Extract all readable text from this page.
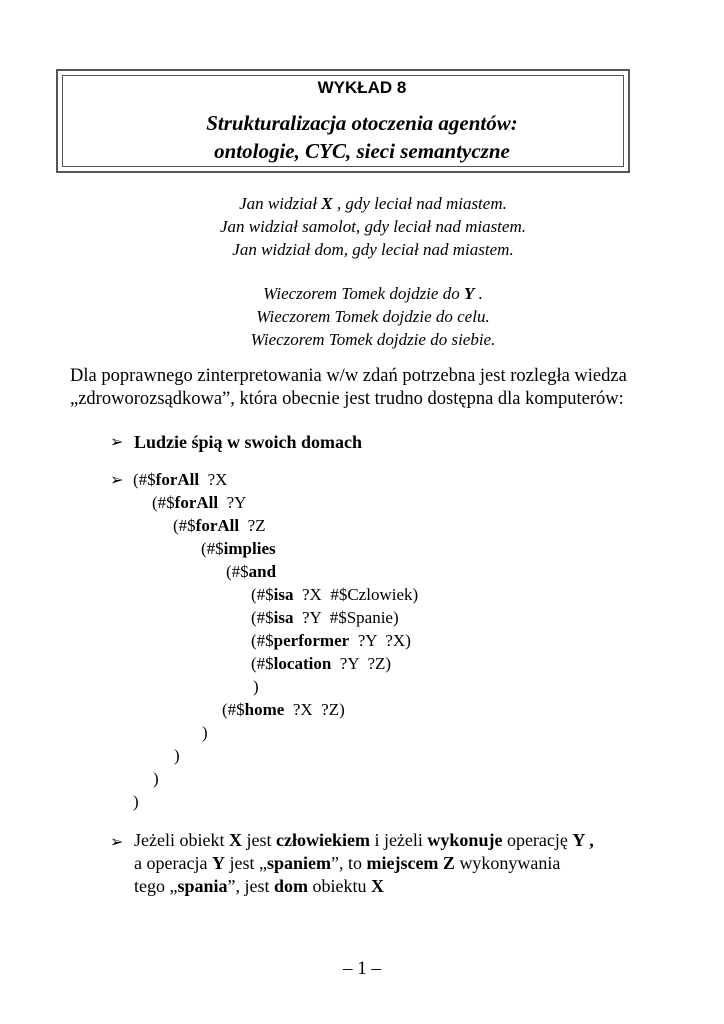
WYKŁAD 8
Strukturalizacja otoczenia agentów:
ontologie, CYC, sieci semantyczne
Jan widział X , gdy leciał nad miastem.
Jan widział samolot, gdy leciał nad miastem.
Jan widział dom, gdy leciał nad miastem.
Wieczorem Tomek dojdzie do Y .
Wieczorem Tomek dojdzie do celu.
Wieczorem Tomek dojdzie do siebie.
Dla poprawnego zinterpretowania w/w zdań potrzebna jest rozległa wiedza
„zdroworozsądkowa”, która obecnie jest trudno dostępna dla komputerów:
➢ Ludzie śpią w swoich domach
➢ (#$forAll  ?X
(#$forAll  ?Y
(#$forAll  ?Z
(#$implies
(#$and
(#$isa  ?X  #$Czlowiek)
(#$isa  ?Y  #$Spanie)
(#$performer  ?Y  ?X)
(#$location  ?Y  ?Z)
)
(#$home  ?X  ?Z)
)
)
)
)
➢ Jeżeli obiekt X jest człowiekiem i jeżeli wykonuje operację Y ,
a operacja Y jest „spaniem”, to miejscem Z wykonywania
tego „spania”, jest dom obiektu X
– 1 –
